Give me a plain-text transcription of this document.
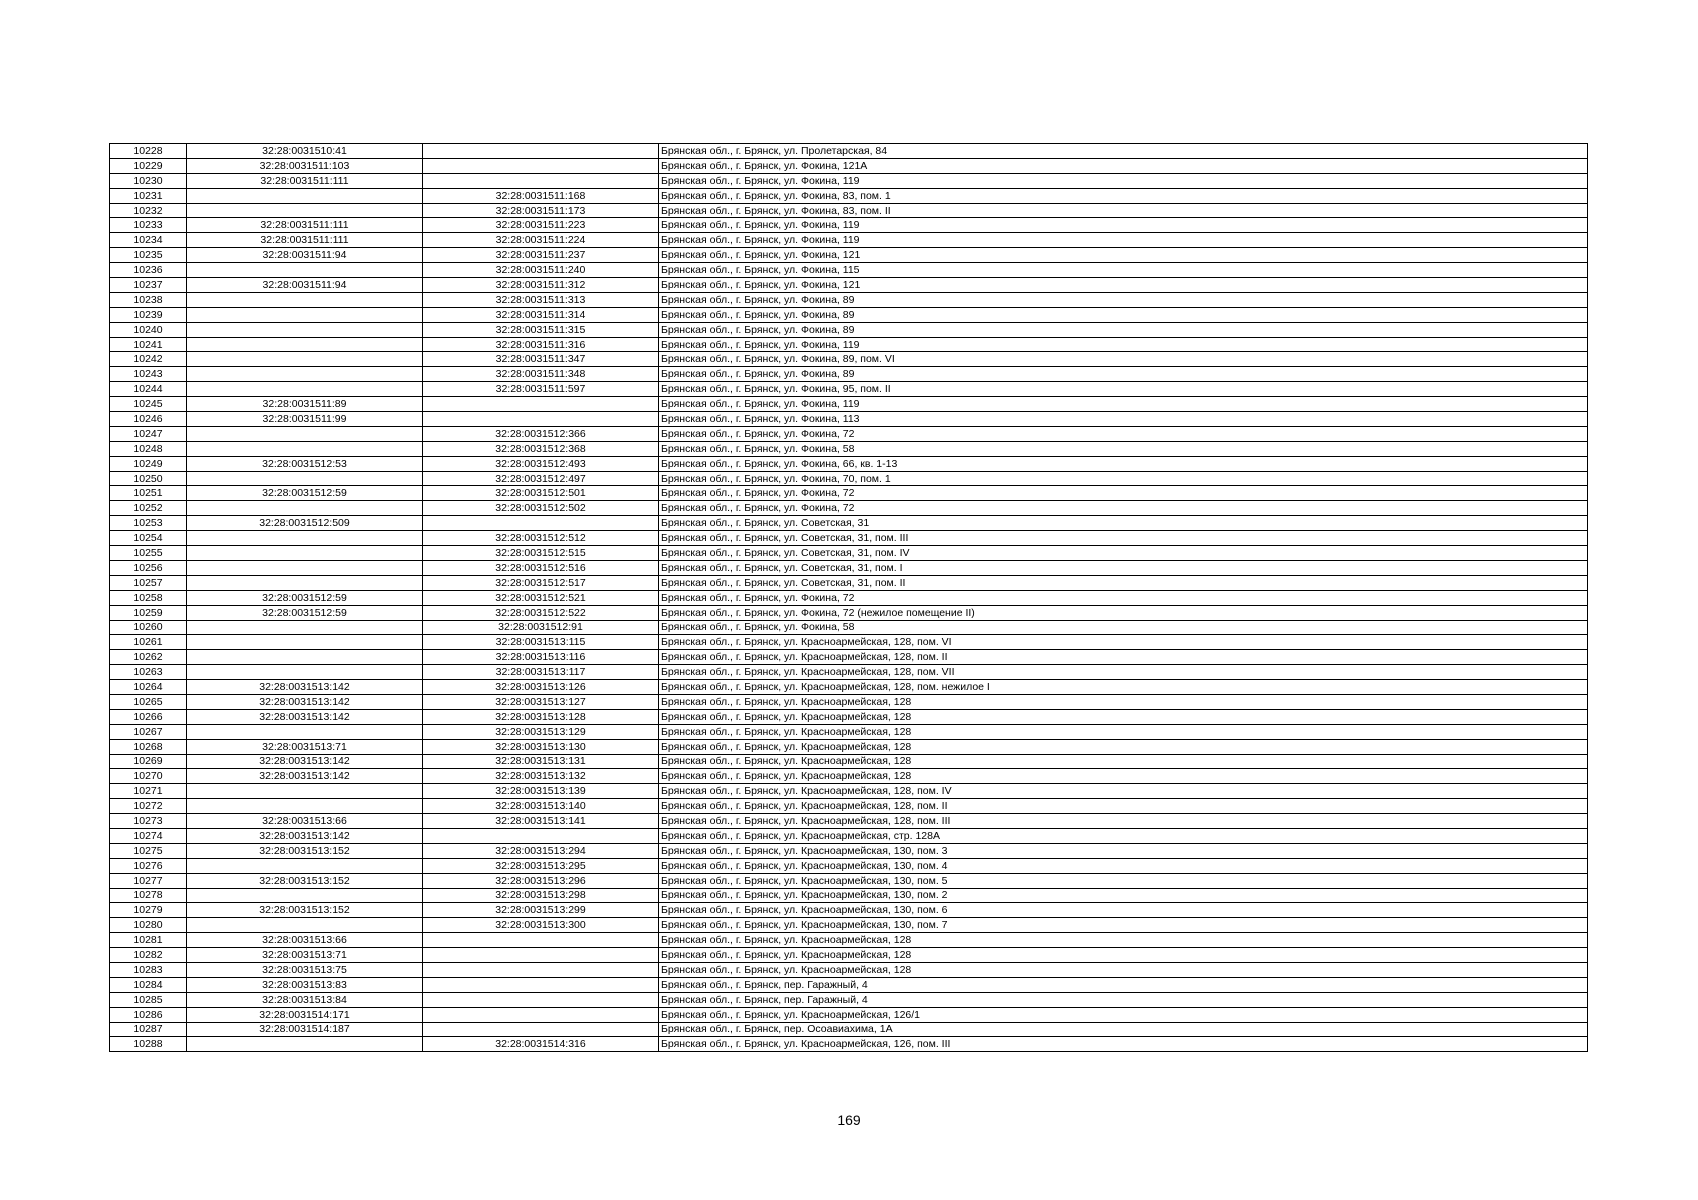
10228	32:28:0031510:41		Брянская обл., г. Брянск, ул. Пролетарская, 84
10229	32:28:0031511:103		Брянская обл., г. Брянск, ул. Фокина, 121А
10230	32:28:0031511:111		Брянская обл., г. Брянск, ул. Фокина, 119
10231		32:28:0031511:168	Брянская обл., г. Брянск, ул. Фокина, 83, пом. 1
10232		32:28:0031511:173	Брянская обл., г. Брянск, ул. Фокина, 83, пом. II
10233	32:28:0031511:111	32:28:0031511:223	Брянская обл., г. Брянск, ул. Фокина, 119
10234	32:28:0031511:111	32:28:0031511:224	Брянская обл., г. Брянск, ул. Фокина, 119
10235	32:28:0031511:94	32:28:0031511:237	Брянская обл., г. Брянск, ул. Фокина, 121
10236		32:28:0031511:240	Брянская обл., г. Брянск, ул. Фокина, 115
10237	32:28:0031511:94	32:28:0031511:312	Брянская обл., г. Брянск, ул. Фокина, 121
10238		32:28:0031511:313	Брянская обл., г. Брянск, ул. Фокина, 89
10239		32:28:0031511:314	Брянская обл., г. Брянск, ул. Фокина, 89
10240		32:28:0031511:315	Брянская обл., г. Брянск, ул. Фокина, 89
10241		32:28:0031511:316	Брянская обл., г. Брянск, ул. Фокина, 119
10242		32:28:0031511:347	Брянская обл., г. Брянск, ул. Фокина, 89, пом. VI
10243		32:28:0031511:348	Брянская обл., г. Брянск, ул. Фокина, 89
10244		32:28:0031511:597	Брянская обл., г. Брянск, ул. Фокина, 95, пом. II
10245	32:28:0031511:89		Брянская обл., г. Брянск, ул. Фокина, 119
10246	32:28:0031511:99		Брянская обл., г. Брянск, ул. Фокина, 113
10247		32:28:0031512:366	Брянская обл., г. Брянск, ул. Фокина, 72
10248		32:28:0031512:368	Брянская обл., г. Брянск, ул. Фокина, 58
10249	32:28:0031512:53	32:28:0031512:493	Брянская обл., г. Брянск, ул. Фокина, 66, кв. 1-13
10250		32:28:0031512:497	Брянская обл., г. Брянск, ул. Фокина, 70, пом. 1
10251	32:28:0031512:59	32:28:0031512:501	Брянская обл., г. Брянск, ул. Фокина, 72
10252		32:28:0031512:502	Брянская обл., г. Брянск, ул. Фокина, 72
10253	32:28:0031512:509		Брянская обл., г. Брянск, ул. Советская, 31
10254		32:28:0031512:512	Брянская обл., г. Брянск, ул. Советская, 31, пом. III
10255		32:28:0031512:515	Брянская обл., г. Брянск, ул. Советская, 31, пом. IV
10256		32:28:0031512:516	Брянская обл., г. Брянск, ул. Советская, 31, пом. I
10257		32:28:0031512:517	Брянская обл., г. Брянск, ул. Советская, 31, пом. II
10258	32:28:0031512:59	32:28:0031512:521	Брянская обл., г. Брянск, ул. Фокина, 72
10259	32:28:0031512:59	32:28:0031512:522	Брянская обл., г. Брянск, ул. Фокина, 72 (нежилое помещение II)
10260		32:28:0031512:91	Брянская обл., г. Брянск, ул. Фокина, 58
10261		32:28:0031513:115	Брянская обл., г. Брянск, ул. Красноармейская, 128, пом. VI
10262		32:28:0031513:116	Брянская обл., г. Брянск, ул. Красноармейская, 128, пом. II
10263		32:28:0031513:117	Брянская обл., г. Брянск, ул. Красноармейская, 128, пом. VII
10264	32:28:0031513:142	32:28:0031513:126	Брянская обл., г. Брянск, ул. Красноармейская, 128, пом. нежилое I
10265	32:28:0031513:142	32:28:0031513:127	Брянская обл., г. Брянск, ул. Красноармейская, 128
10266	32:28:0031513:142	32:28:0031513:128	Брянская обл., г. Брянск, ул. Красноармейская, 128
10267		32:28:0031513:129	Брянская обл., г. Брянск, ул. Красноармейская, 128
10268	32:28:0031513:71	32:28:0031513:130	Брянская обл., г. Брянск, ул. Красноармейская, 128
10269	32:28:0031513:142	32:28:0031513:131	Брянская обл., г. Брянск, ул. Красноармейская, 128
10270	32:28:0031513:142	32:28:0031513:132	Брянская обл., г. Брянск, ул. Красноармейская, 128
10271		32:28:0031513:139	Брянская обл., г. Брянск, ул. Красноармейская, 128, пом. IV
10272		32:28:0031513:140	Брянская обл., г. Брянск, ул. Красноармейская, 128, пом. II
10273	32:28:0031513:66	32:28:0031513:141	Брянская обл., г. Брянск, ул. Красноармейская, 128, пом. III
10274	32:28:0031513:142		Брянская обл., г. Брянск, ул. Красноармейская, стр. 128А
10275	32:28:0031513:152	32:28:0031513:294	Брянская обл., г. Брянск, ул. Красноармейская, 130, пом. 3
10276		32:28:0031513:295	Брянская обл., г. Брянск, ул. Красноармейская, 130, пом. 4
10277	32:28:0031513:152	32:28:0031513:296	Брянская обл., г. Брянск, ул. Красноармейская, 130, пом. 5
10278		32:28:0031513:298	Брянская обл., г. Брянск, ул. Красноармейская, 130, пом. 2
10279	32:28:0031513:152	32:28:0031513:299	Брянская обл., г. Брянск, ул. Красноармейская, 130, пом. 6
10280		32:28:0031513:300	Брянская обл., г. Брянск, ул. Красноармейская, 130, пом. 7
10281	32:28:0031513:66		Брянская обл., г. Брянск, ул. Красноармейская, 128
10282	32:28:0031513:71		Брянская обл., г. Брянск, ул. Красноармейская, 128
10283	32:28:0031513:75		Брянская обл., г. Брянск, ул. Красноармейская, 128
10284	32:28:0031513:83		Брянская обл., г. Брянск, пер. Гаражный, 4
10285	32:28:0031513:84		Брянская обл., г. Брянск, пер. Гаражный, 4
10286	32:28:0031514:171		Брянская обл., г. Брянск, ул. Красноармейская, 126/1
10287	32:28:0031514:187		Брянская обл., г. Брянск, пер. Осоавиахима, 1А
10288		32:28:0031514:316	Брянская обл., г. Брянск, ул. Красноармейская, 126, пом. III
169
